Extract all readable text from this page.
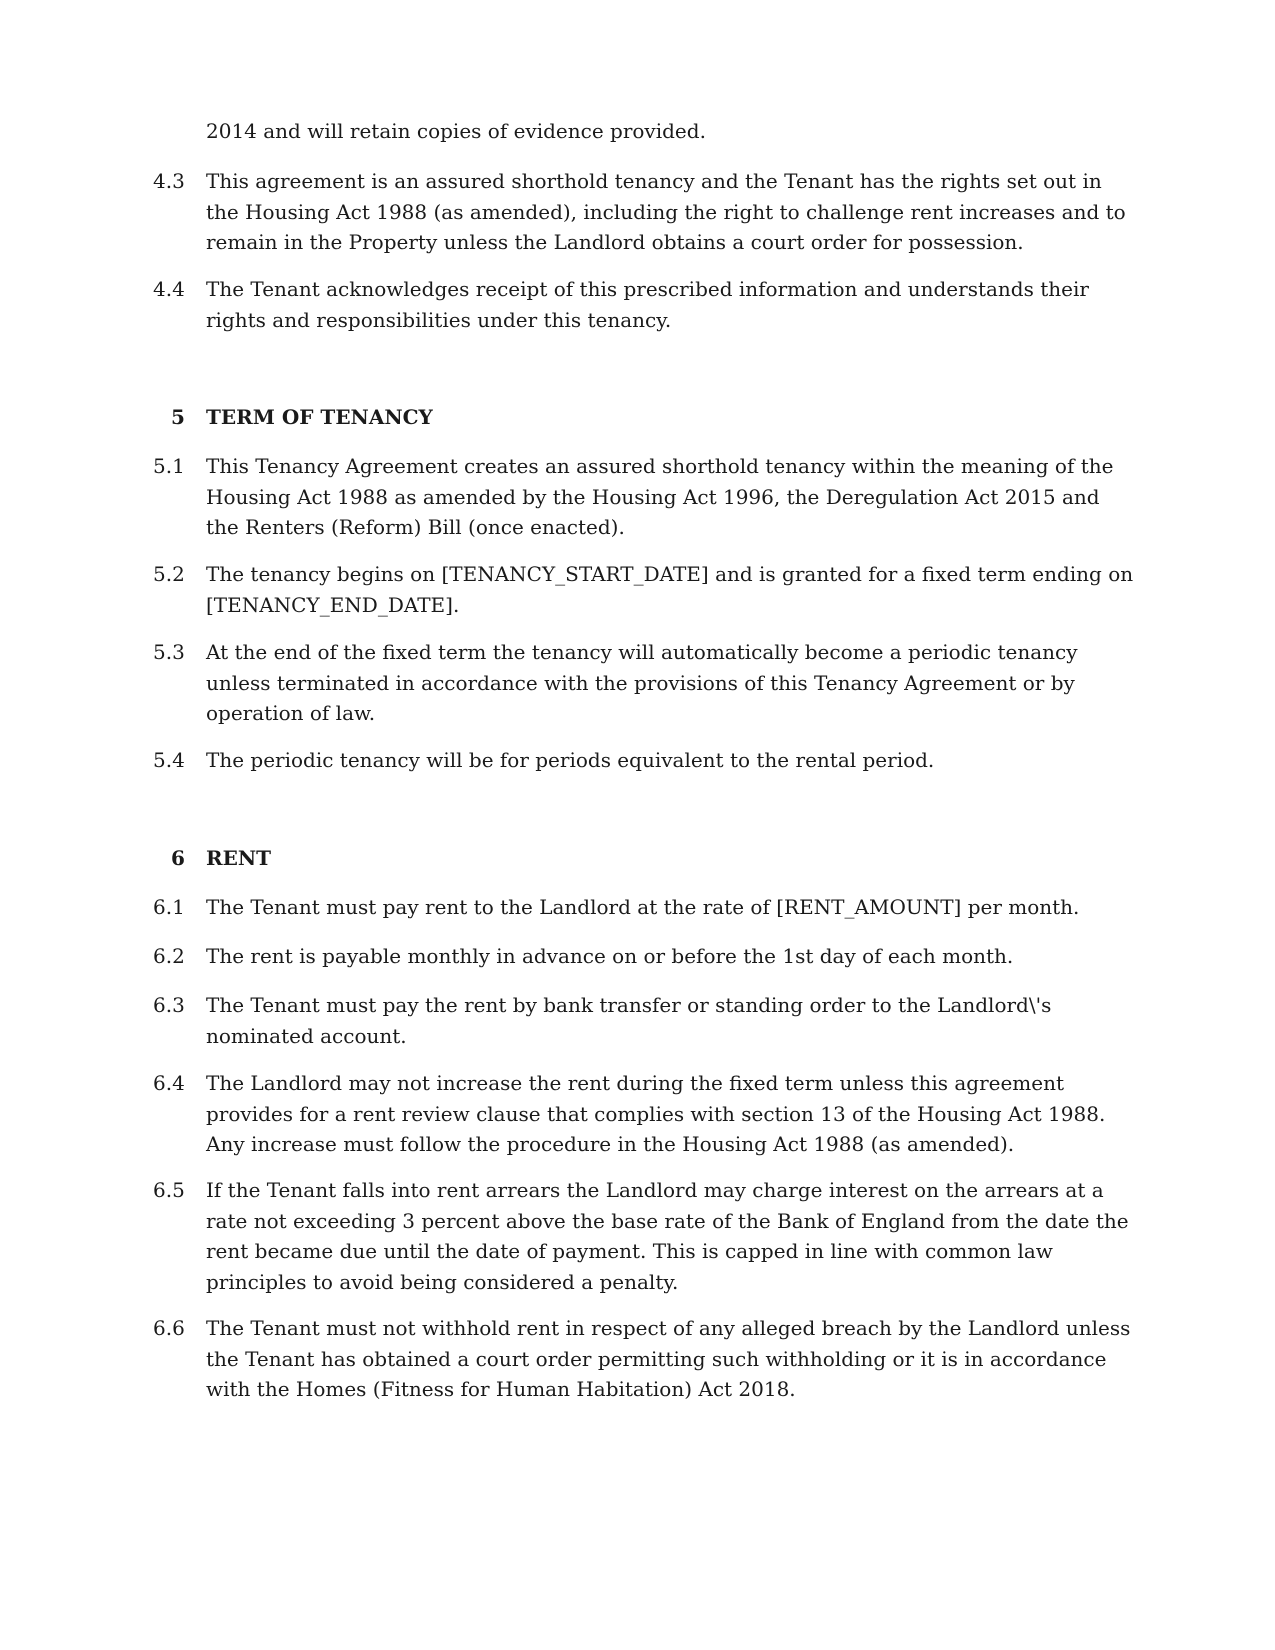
2014 and will retain copies of evidence provided.

4.3 This agreement is an assured shorthold tenancy and the Tenant has the rights set out in the Housing Act 1988 (as amended), including the right to challenge rent increases and to remain in the Property unless the Landlord obtains a court order for possession.

4.4 The Tenant acknowledges receipt of this prescribed information and understands their rights and responsibilities under this tenancy.

5 TERM OF TENANCY
5.1 This Tenancy Agreement creates an assured shorthold tenancy within the meaning of the Housing Act 1988 as amended by the Housing Act 1996, the Deregulation Act 2015 and the Renters (Reform) Bill (once enacted).

5.2 The tenancy begins on [TENANCY_START_DATE] and is granted for a fixed term ending on [TENANCY_END_DATE].

5.3 At the end of the fixed term the tenancy will automatically become a periodic tenancy unless terminated in accordance with the provisions of this Tenancy Agreement or by operation of law.

5.4 The periodic tenancy will be for periods equivalent to the rental period.

6 RENT
6.1 The Tenant must pay rent to the Landlord at the rate of [RENT_AMOUNT] per month.

6.2 The rent is payable monthly in advance on or before the 1st day of each month.

6.3 The Tenant must pay the rent by bank transfer or standing order to the Landlord\'s nominated account.

6.4 The Landlord may not increase the rent during the fixed term unless this agreement provides for a rent review clause that complies with section 13 of the Housing Act 1988. Any increase must follow the procedure in the Housing Act 1988 (as amended).

6.5 If the Tenant falls into rent arrears the Landlord may charge interest on the arrears at a rate not exceeding 3 percent above the base rate of the Bank of England from the date the rent became due until the date of payment. This is capped in line with common law principles to avoid being considered a penalty.

6.6 The Tenant must not withhold rent in respect of any alleged breach by the Landlord unless the Tenant has obtained a court order permitting such withholding or it is in accordance with the Homes (Fitness for Human Habitation) Act 2018.
